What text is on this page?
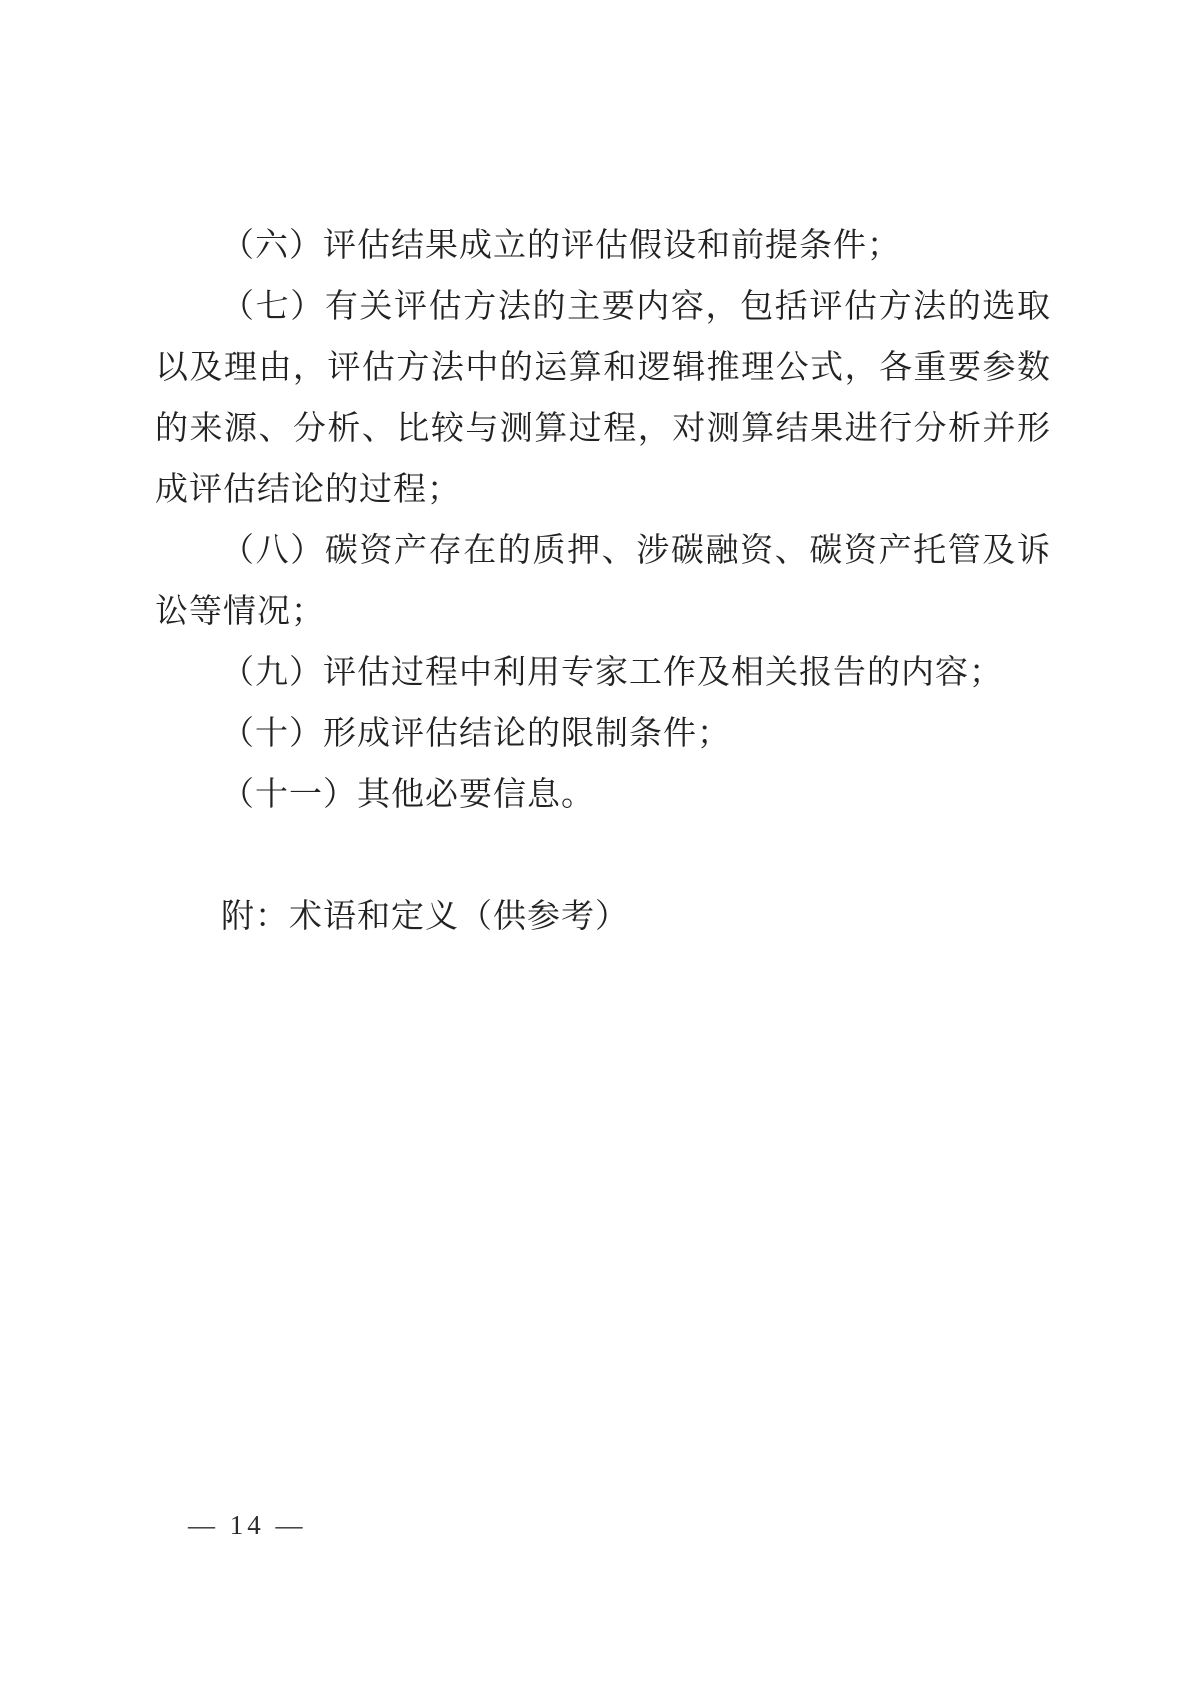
（六）评估结果成立的评估假设和前提条件；

（七）有关评估方法的主要内容，包括评估方法的选取以及理由，评估方法中的运算和逻辑推理公式，各重要参数的来源、分析、比较与测算过程，对测算结果进行分析并形成评估结论的过程；

（八）碳资产存在的质押、涉碳融资、碳资产托管及诉讼等情况；

（九）评估过程中利用专家工作及相关报告的内容；

（十）形成评估结论的限制条件；

（十一）其他必要信息。

附：术语和定义（供参考）

— 14 —
